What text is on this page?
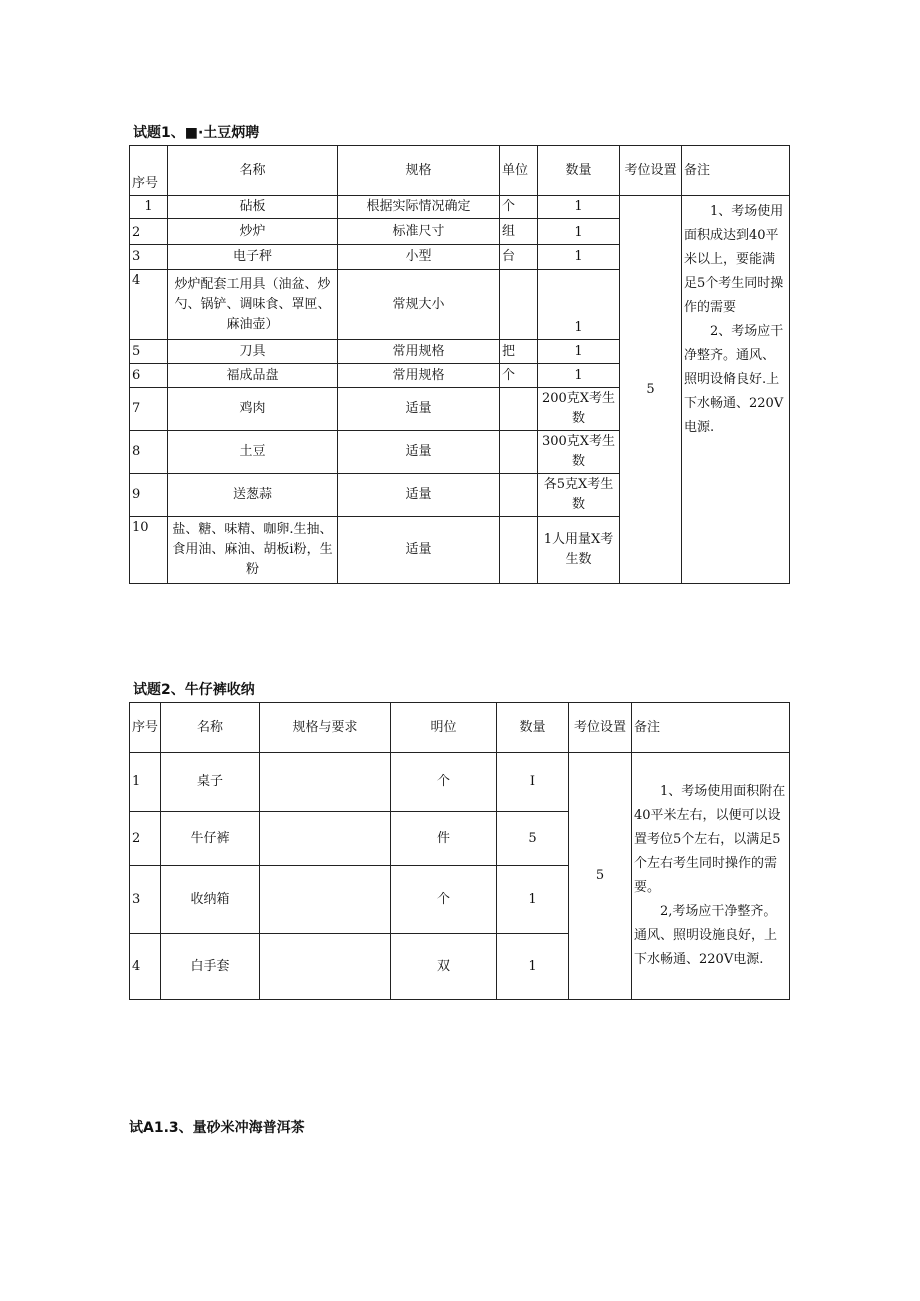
试题1、■·土豆炳聘
序号	名称	规格	单位	数量	考位设置	备注
1	砧板	根据实际情况确定	个	1	5	1、考场使用面积成达到40平米以上，要能满足5个考生同时操作的需要
2、考场应干净整齐。通风、照明设脩良好.上下水畅通、220V电源.

2	炒炉	标准尺寸	组	1		
3	电子秤	小型	台	1		
4	炒炉配套工用具（油盆、炒勺、锅铲、调味食、罩匣、麻油壶）	常规大小		1		
5	刀具	常用规格	把	1		
6	福成品盘	常用规格	个	1		
7	鸡肉	适量		200克X考生数		
8	土豆	适量		300克X考生数		
9	送葱蒜	适量		各5克X考生数		
10	盐、糖、味精、咖卵.生抽、食用油、麻油、胡板i粉，生粉	适量		1人用量X考生数		
试题2、牛仔裤收纳
序号	名称	规格与要求	明位	数量	考位设置	备注
1	桌子		个	I	5	1、考场使用面积附在40平米左右，以便可以设置考位5个左右，以满足5个左右考生同时操作的需要。
2,考场应干净整齐。通风、照明设施良好，上下水畅通、220V电源.

2	牛仔裤		件	5		
3	收纳箱		个	1		
4	白手套		双	1		
试A1.3、量砂米冲海普洱茶
